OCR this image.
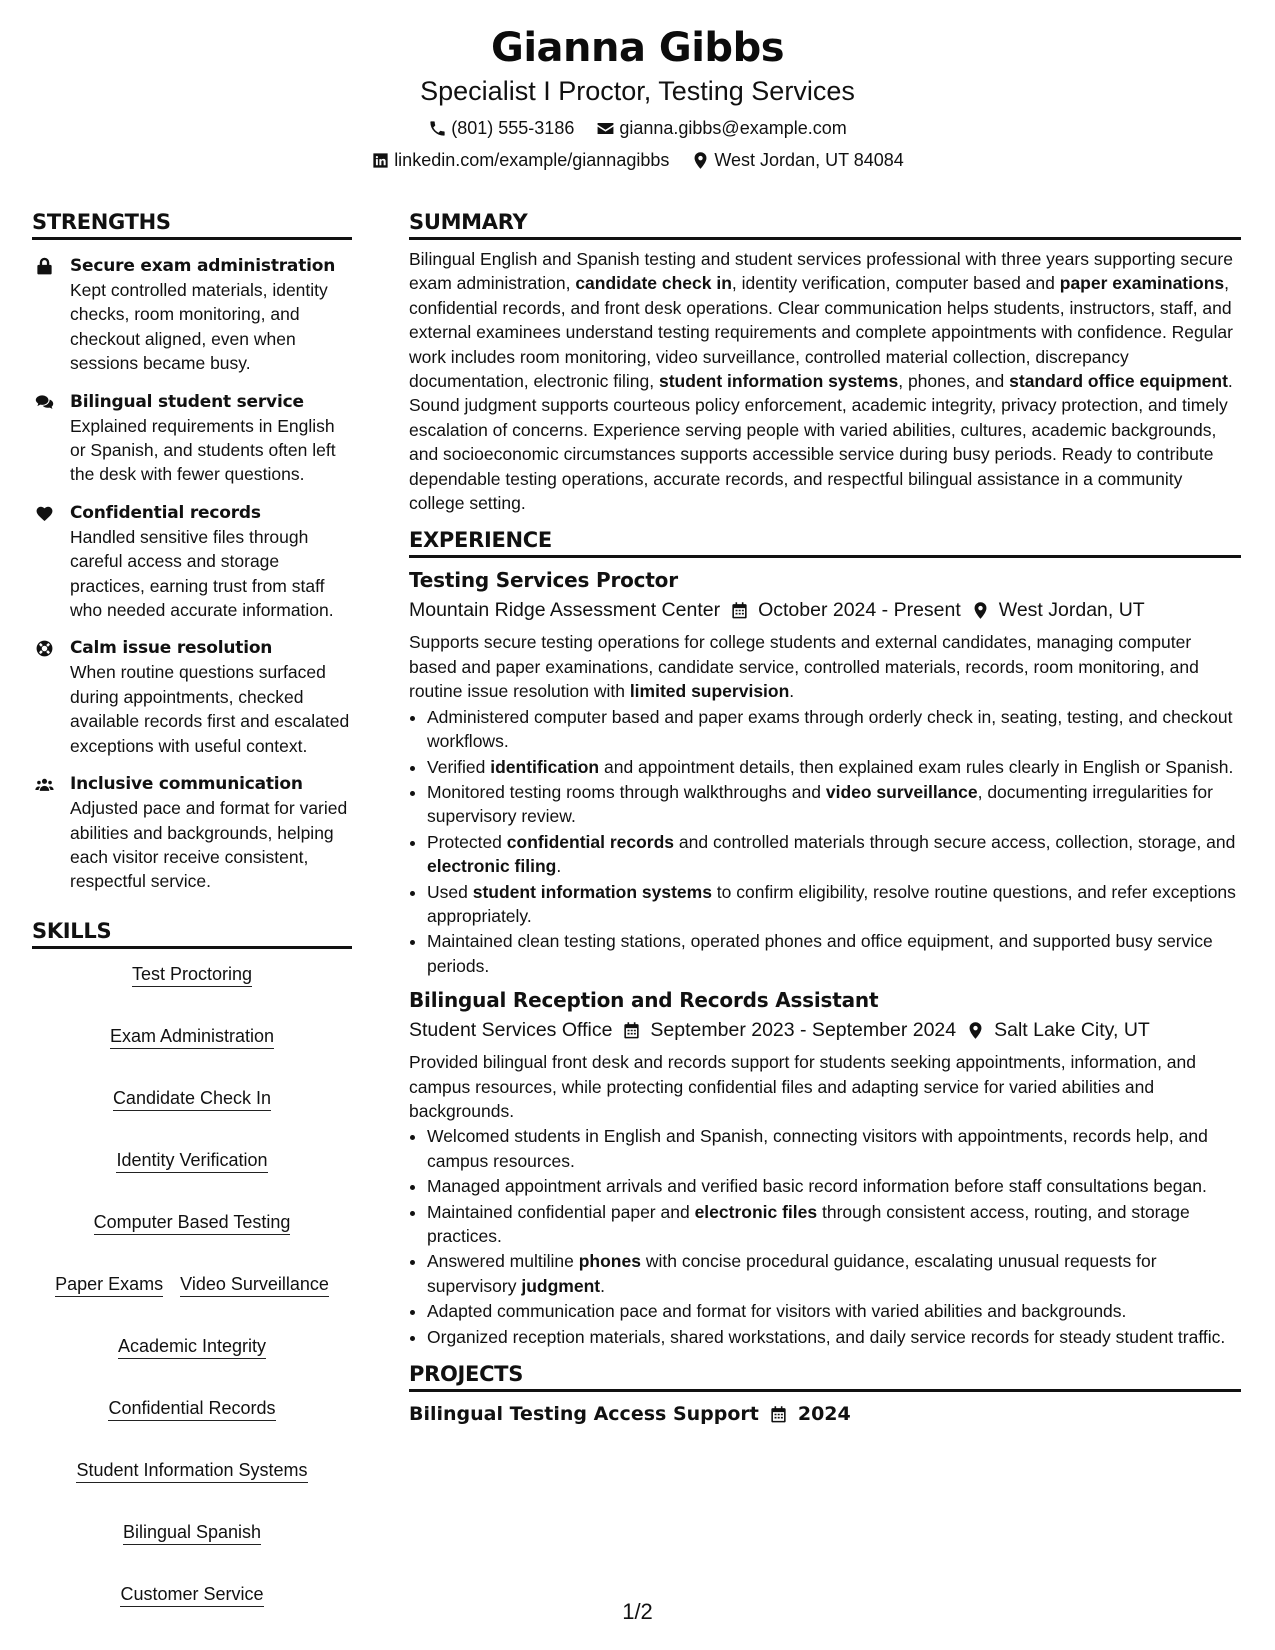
Gianna Gibbs
Specialist I Proctor, Testing Services
(801) 555-3186	gianna.gibbs@example.com
linkedin.com/example/giannagibbs	West Jordan, UT 84084
STRENGTHS
Secure exam administration
Kept controlled materials, identity checks, room monitoring, and checkout aligned, even when sessions became busy.
Bilingual student service
Explained requirements in English or Spanish, and students often left the desk with fewer questions.
Confidential records
Handled sensitive files through careful access and storage practices, earning trust from staff who needed accurate information.
Calm issue resolution
When routine questions surfaced during appointments, checked available records first and escalated exceptions with useful context.
Inclusive communication
Adjusted pace and format for varied abilities and backgrounds, helping each visitor receive consistent, respectful service.
SKILLS
Test Proctoring
Exam Administration
Candidate Check In
Identity Verification
Computer Based Testing
Paper Exams Video Surveillance
Academic Integrity
Confidential Records
Student Information Systems
Bilingual Spanish
Customer Service
SUMMARY
Bilingual English and Spanish testing and student services professional with three years supporting secure exam administration, candidate check in, identity verification, computer based and paper examinations, confidential records, and front desk operations. Clear communication helps students, instructors, staff, and external examinees understand testing requirements and complete appointments with confidence. Regular work includes room monitoring, video surveillance, controlled material collection, discrepancy documentation, electronic filing, student information systems, phones, and standard office equipment. Sound judgment supports courteous policy enforcement, academic integrity, privacy protection, and timely escalation of concerns. Experience serving people with varied abilities, cultures, academic backgrounds, and socioeconomic circumstances supports accessible service during busy periods. Ready to contribute dependable testing operations, accurate records, and respectful bilingual assistance in a community college setting.
EXPERIENCE
Testing Services Proctor
Mountain Ridge Assessment Center October 2024 - Present West Jordan, UT
Supports secure testing operations for college students and external candidates, managing computer based and paper examinations, candidate service, controlled materials, records, room monitoring, and routine issue resolution with limited supervision.
• Administered computer based and paper exams through orderly check in, seating, testing, and checkout workflows.
• Verified identification and appointment details, then explained exam rules clearly in English or Spanish.
• Monitored testing rooms through walkthroughs and video surveillance, documenting irregularities for supervisory review.
• Protected confidential records and controlled materials through secure access, collection, storage, and electronic filing.
• Used student information systems to confirm eligibility, resolve routine questions, and refer exceptions appropriately.
• Maintained clean testing stations, operated phones and office equipment, and supported busy service periods.
Bilingual Reception and Records Assistant
Student Services Office September 2023 - September 2024 Salt Lake City, UT
Provided bilingual front desk and records support for students seeking appointments, information, and campus resources, while protecting confidential files and adapting service for varied abilities and backgrounds.
• Welcomed students in English and Spanish, connecting visitors with appointments, records help, and campus resources.
• Managed appointment arrivals and verified basic record information before staff consultations began.
• Maintained confidential paper and electronic files through consistent access, routing, and storage practices.
• Answered multiline phones with concise procedural guidance, escalating unusual requests for supervisory judgment.
• Adapted communication pace and format for visitors with varied abilities and backgrounds.
• Organized reception materials, shared workstations, and daily service records for steady student traffic.
PROJECTS
Bilingual Testing Access Support 2024
1/2
